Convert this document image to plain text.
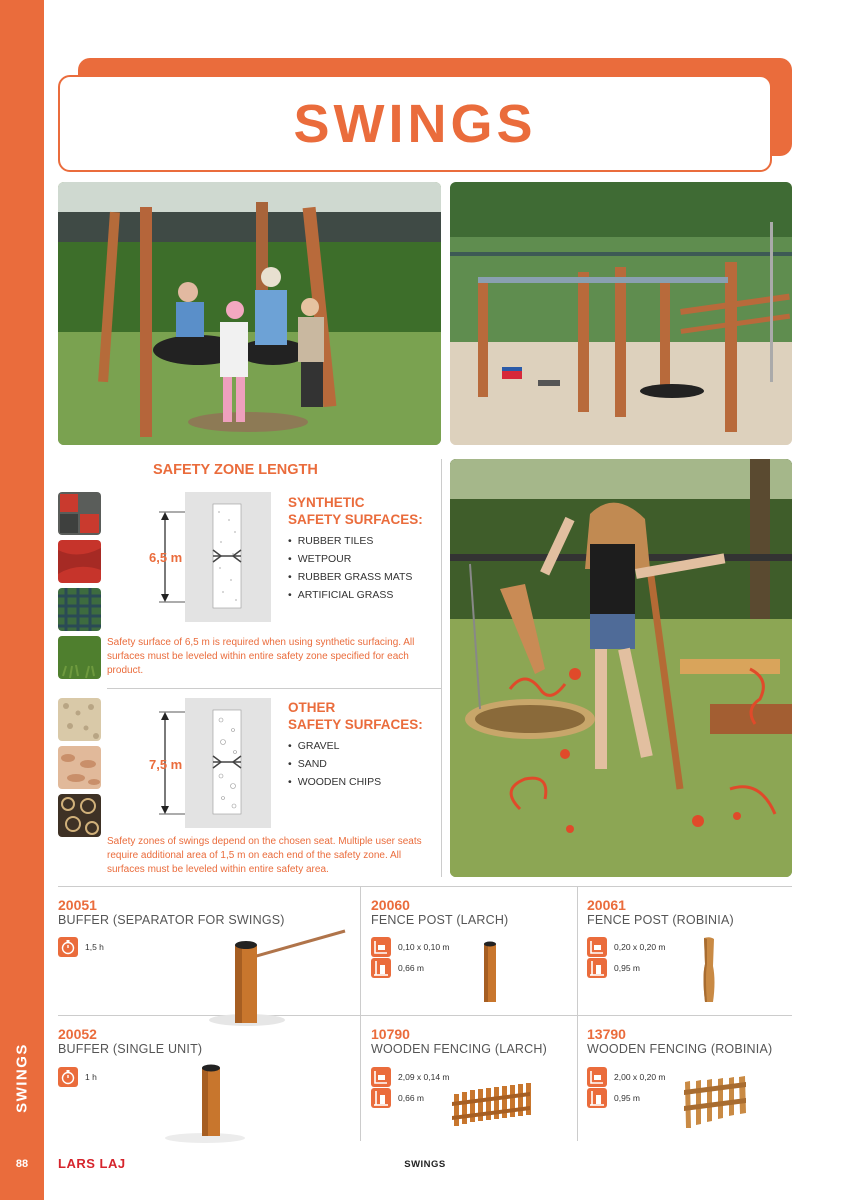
SWINGS
88
SWINGS
SAFETY ZONE LENGTH
6,5 m
SYNTHETIC
SAFETY SURFACES:
• RUBBER TILES
• WETPOUR
• RUBBER GRASS MATS
• ARTIFICIAL GRASS
Safety surface of 6,5 m is required when using synthetic surfacing. All surfaces must be leveled within entire safety zone specified for each product.
7,5 m
OTHER
SAFETY SURFACES:
• GRAVEL
• SAND
• WOODEN CHIPS
Safety zones of swings depend on the chosen seat. Multiple user seats require additional area of 1,5 m on each end of the safety zone. All surfaces must be leveled within entire safety area.
20051
BUFFER (SEPARATOR FOR SWINGS)
1,5 h
20060
FENCE POST (LARCH)
0,10 x 0,10 m
0,66 m
20061
FENCE POST (ROBINIA)
0,20 x 0,20 m
0,95 m
20052
BUFFER (SINGLE UNIT)
1 h
10790
WOODEN FENCING (LARCH)
2,09 x 0,14 m
0,66 m
13790
WOODEN FENCING (ROBINIA)
2,00 x 0,20 m
0,95 m
LARS LAJ	SWINGS
